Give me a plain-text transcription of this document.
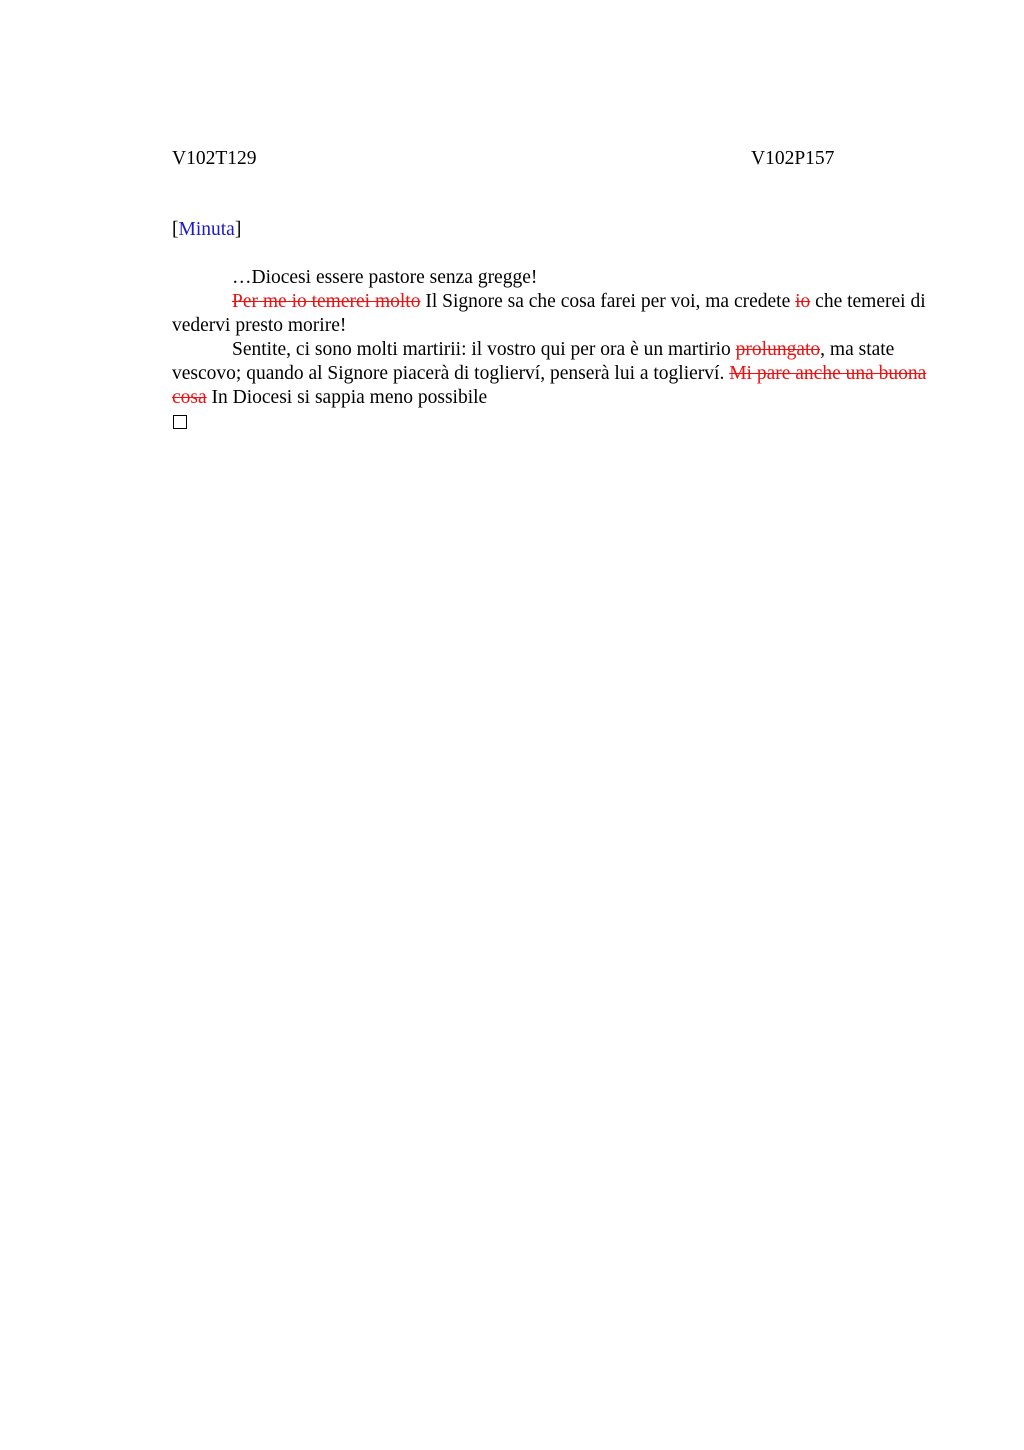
V102T129	V102P157
[Minuta]

…Diocesi essere pastore senza gregge!

Per me io temerei molto Il Signore sa che cosa farei per voi, ma credete io che temerei di vedervi presto morire!

Sentite, ci sono molti martirii: il vostro qui per ora è un martirio prolungato, ma state vescovo; quando al Signore piacerà di toglierví, penserà lui a toglierví. Mi pare anche una buona cosa In Diocesi si sappia meno possibile
